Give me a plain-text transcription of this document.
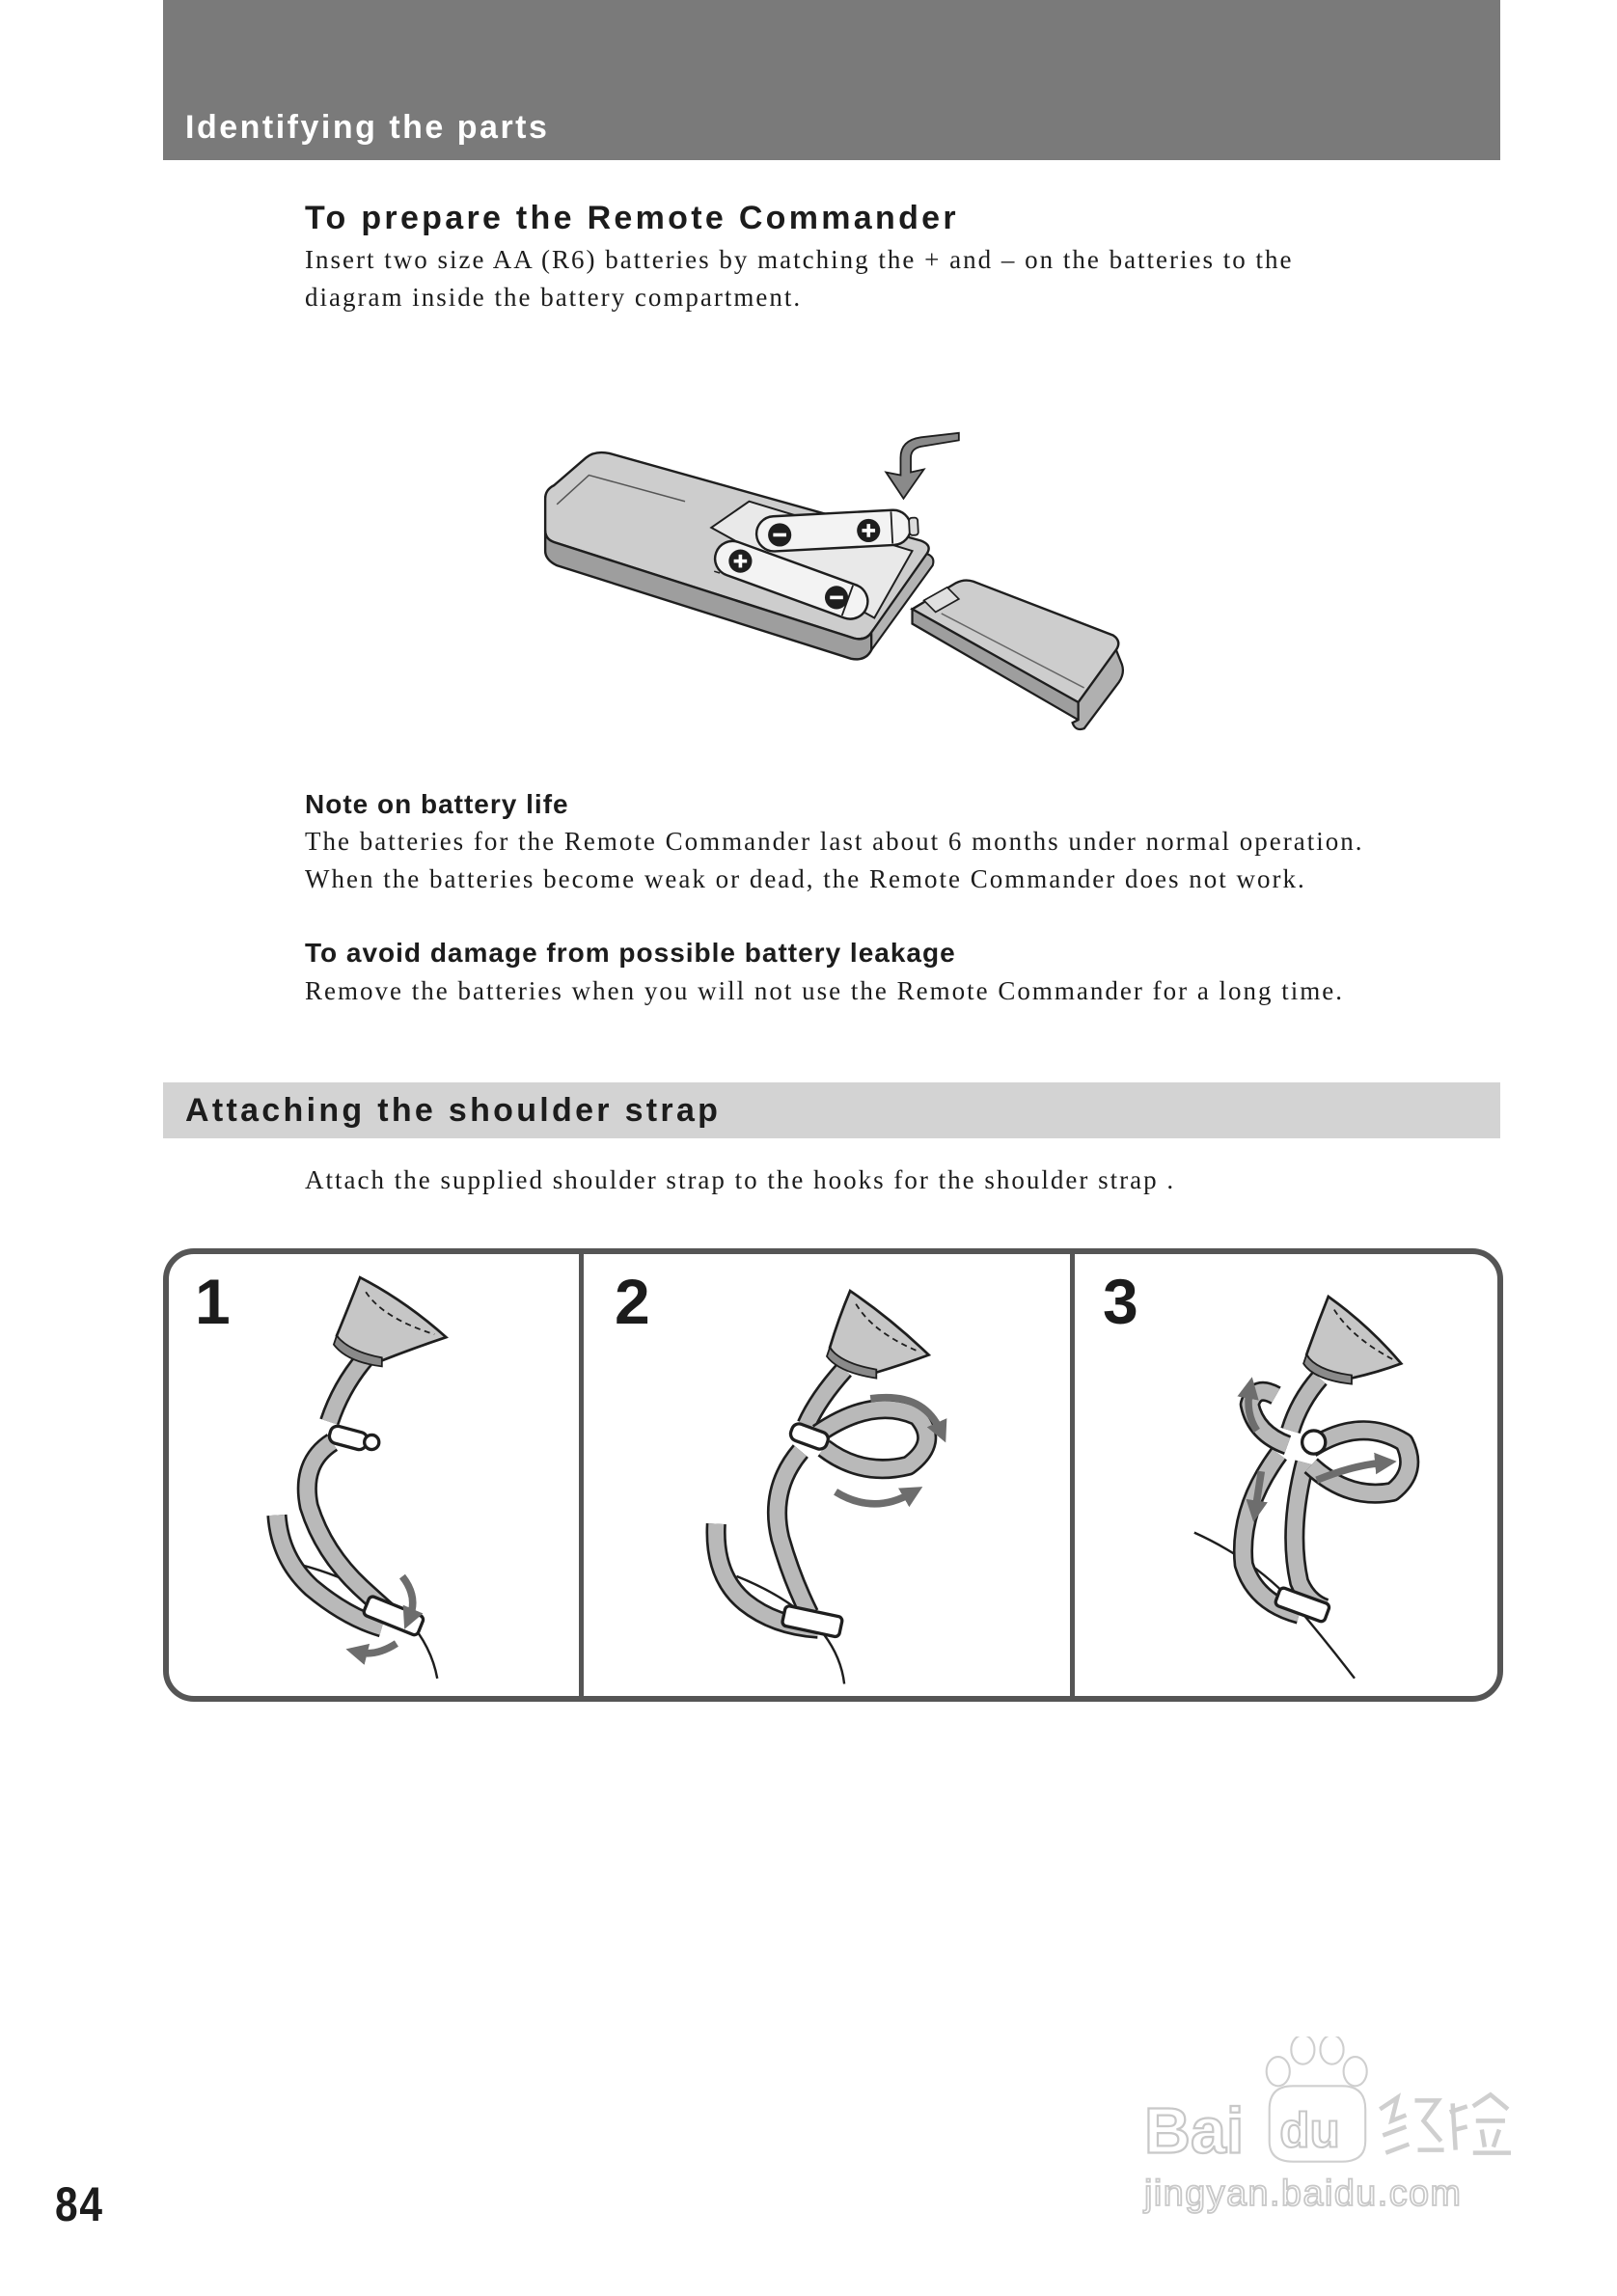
Identifying the parts
To prepare the Remote Commander
Insert two size AA (R6) batteries by matching the + and – on the batteries to the
diagram inside the battery compartment.
Note on battery life
The batteries for the Remote Commander last about 6 months under normal operation.
When the batteries become weak or dead, the Remote Commander does not work.
To avoid damage from possible battery leakage
Remove the batteries when you will not use the Remote Commander for a long time.
Attaching the shoulder strap
Attach the supplied shoulder strap to the hooks for the shoulder strap .
1	2	3
Bai du
jingyan.baidu.com
84
